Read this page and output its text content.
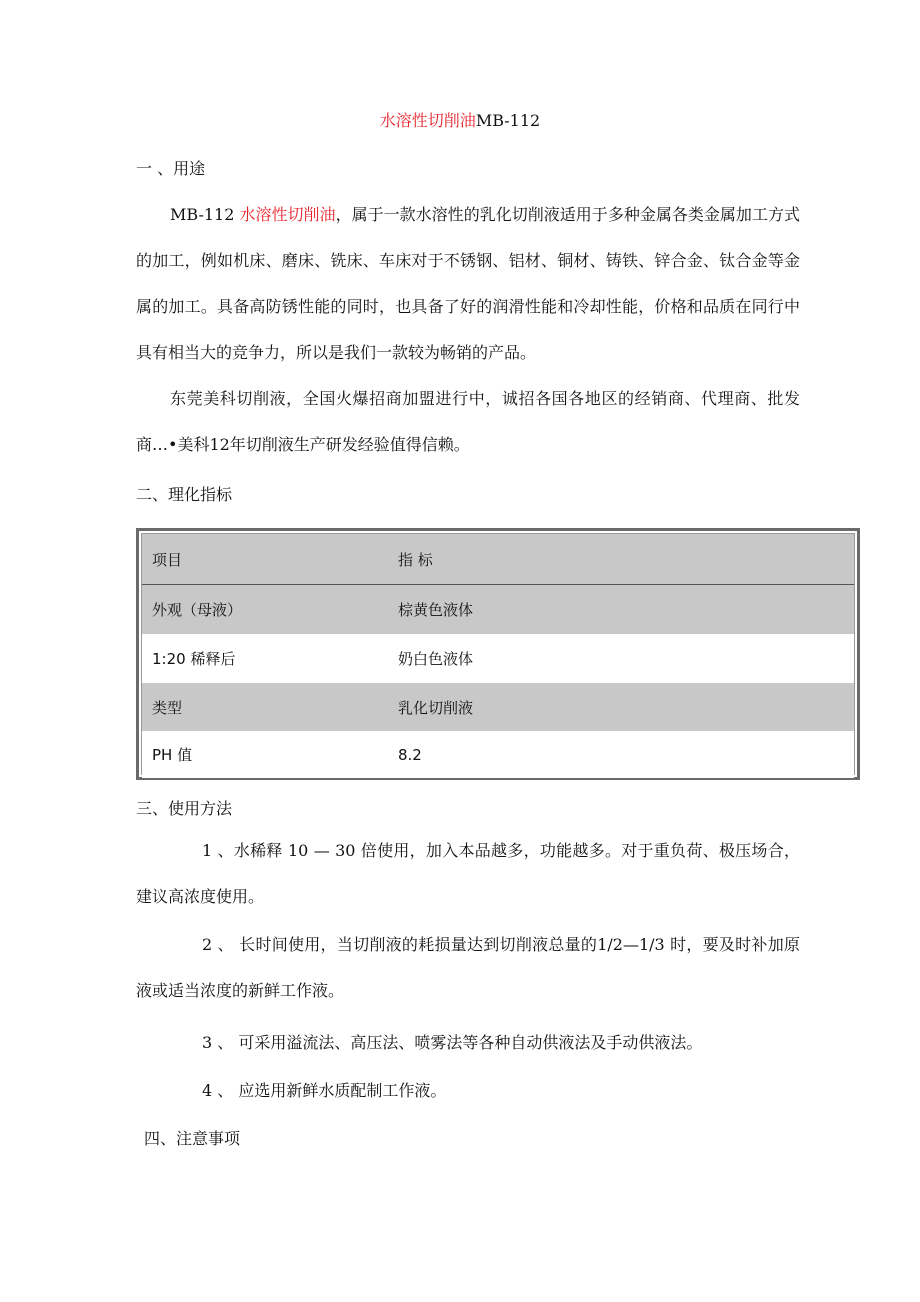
水溶性切削油MB-112
一 、用途
MB-112 水溶性切削油，属于一款水溶性的乳化切削液适用于多种金属各类金属加工方式的加工，例如机床、磨床、铣床、车床对于不锈钢、铝材、铜材、铸铁、锌合金、钛合金等金属的加工。具备高防锈性能的同时，也具备了好的润滑性能和冷却性能，价格和品质在同行中具有相当大的竞争力，所以是我们一款较为畅销的产品。
东莞美科切削液，全国火爆招商加盟进行中，诚招各国各地区的经销商、代理商、批发商…•美科12年切削液生产研发经验值得信赖。
二、理化指标
项目	指 标
外观（母液）	棕黄色液体
1:20 稀释后	奶白色液体
类型	乳化切削液
PH 值	8.2
三、使用方法
1 、水稀释 10 — 30 倍使用，加入本品越多，功能越多。对于重负荷、极压场合，建议高浓度使用。
2 、 长时间使用，当切削液的耗损量达到切削液总量的1/2—1/3 时，要及时补加原液或适当浓度的新鲜工作液。
3 、 可采用溢流法、高压法、喷雾法等各种自动供液法及手动供液法。
4 、 应选用新鲜水质配制工作液。
四、注意事项
